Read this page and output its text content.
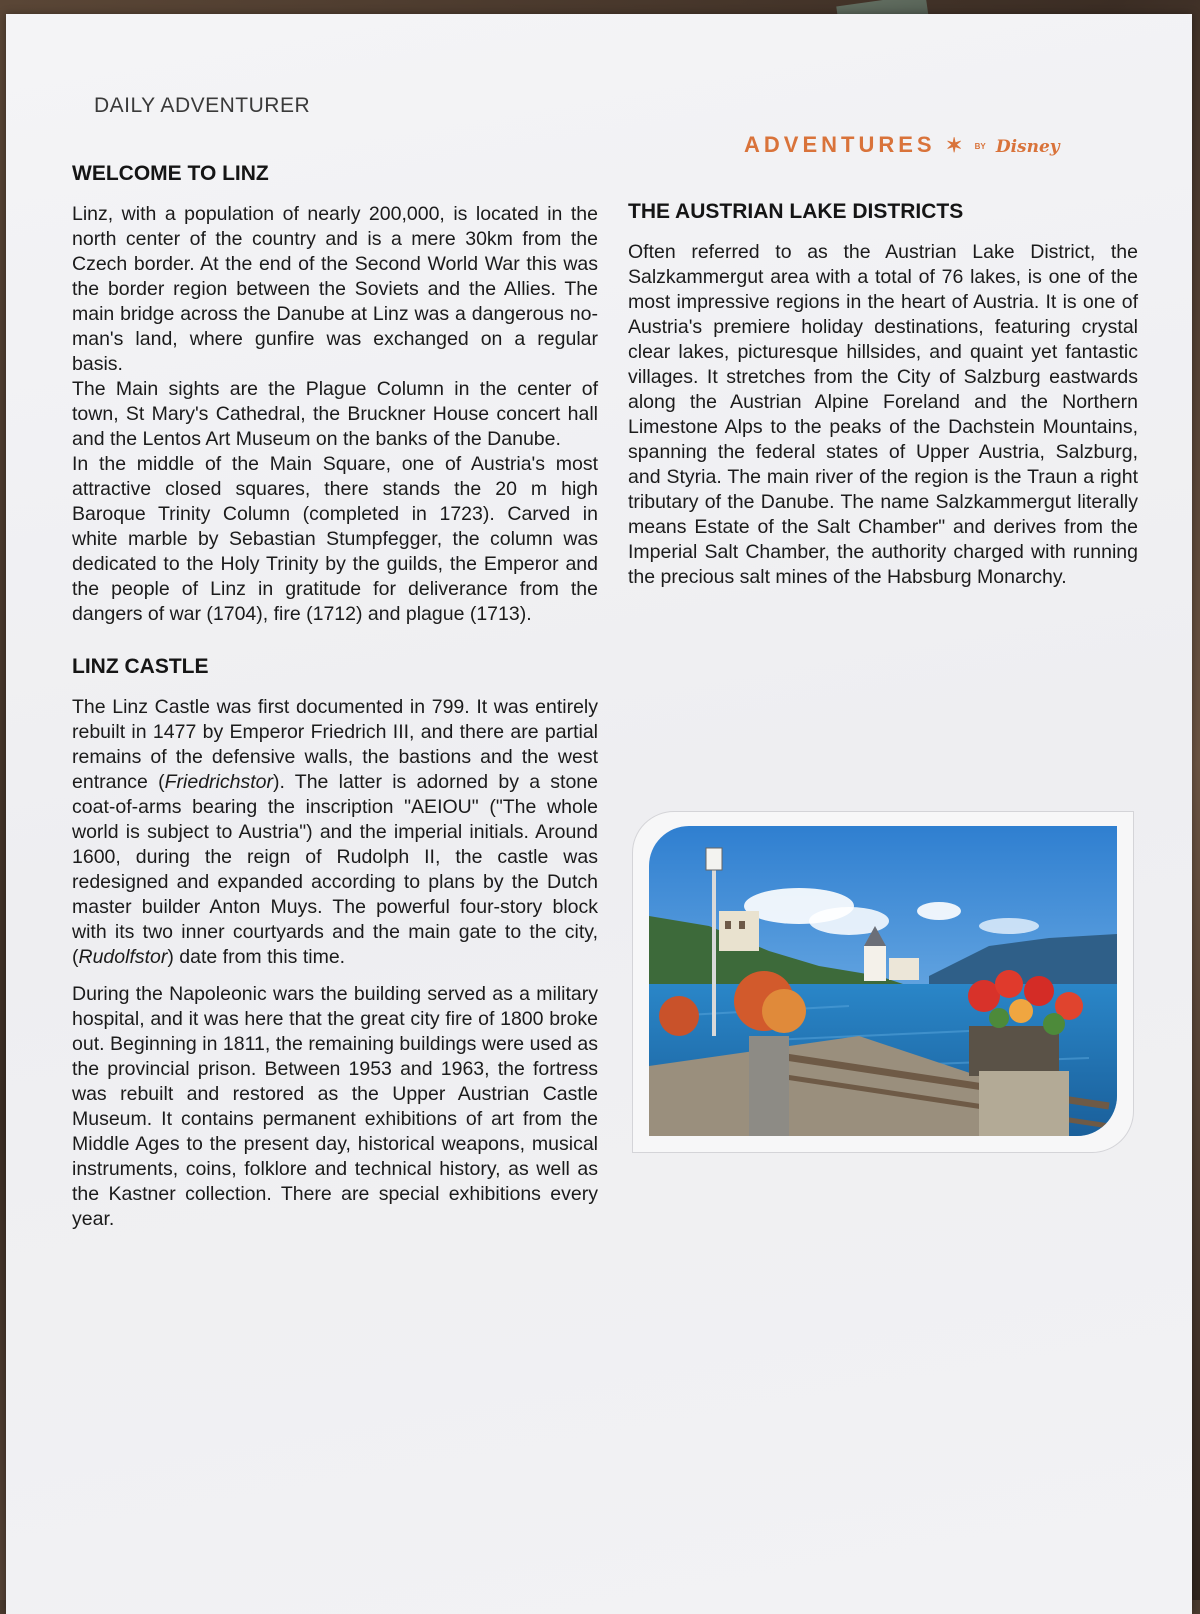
DAILY ADVENTURER
ADVENTURES ✶ BY Disney
WELCOME TO LINZ

Linz, with a population of nearly 200,000, is located in the north center of the country and is a mere 30km from the Czech border. At the end of the Second World War this was the border region between the Soviets and the Allies. The main bridge across the Danube at Linz was a dangerous no-man's land, where gunfire was exchanged on a regular basis.

The Main sights are the Plague Column in the center of town, St Mary's Cathedral, the Bruckner House concert hall and the Lentos Art Museum on the banks of the Danube.

In the middle of the Main Square, one of Austria's most attractive closed squares, there stands the 20 m high Baroque Trinity Column (completed in 1723). Carved in white marble by Sebastian Stumpfegger, the column was dedicated to the Holy Trinity by the guilds, the Emperor and the people of Linz in gratitude for deliverance from the dangers of war (1704), fire (1712) and plague (1713).

LINZ CASTLE

The Linz Castle was first documented in 799. It was entirely rebuilt in 1477 by Emperor Friedrich III, and there are partial remains of the defensive walls, the bastions and the west entrance (Friedrichstor). The latter is adorned by a stone coat-of-arms bearing the inscription "AEIOU" ("The whole world is subject to Austria") and the imperial initials. Around 1600, during the reign of Rudolph II, the castle was redesigned and expanded according to plans by the Dutch master builder Anton Muys. The powerful four-story block with its two inner courtyards and the main gate to the city, (Rudolfstor) date from this time.

During the Napoleonic wars the building served as a military hospital, and it was here that the great city fire of 1800 broke out. Beginning in 1811, the remaining buildings were used as the provincial prison. Between 1953 and 1963, the fortress was rebuilt and restored as the Upper Austrian Castle Museum. It contains permanent exhibitions of art from the Middle Ages to the present day, historical weapons, musical instruments, coins, folklore and technical history, as well as the Kastner collection. There are special exhibitions every year.

THE AUSTRIAN LAKE DISTRICTS

Often referred to as the Austrian Lake District, the Salzkammergut area with a total of 76 lakes, is one of the most impressive regions in the heart of Austria. It is one of Austria's premiere holiday destinations, featuring crystal clear lakes, picturesque hillsides, and quaint yet fantastic villages. It stretches from the City of Salzburg eastwards along the Austrian Alpine Foreland and the Northern Limestone Alps to the peaks of the Dachstein Mountains, spanning the federal states of Upper Austria, Salzburg, and Styria. The main river of the region is the Traun a right tributary of the Danube. The name Salzkammergut literally means Estate of the Salt Chamber" and derives from the Imperial Salt Chamber, the authority charged with running the precious salt mines of the Habsburg Monarchy.
